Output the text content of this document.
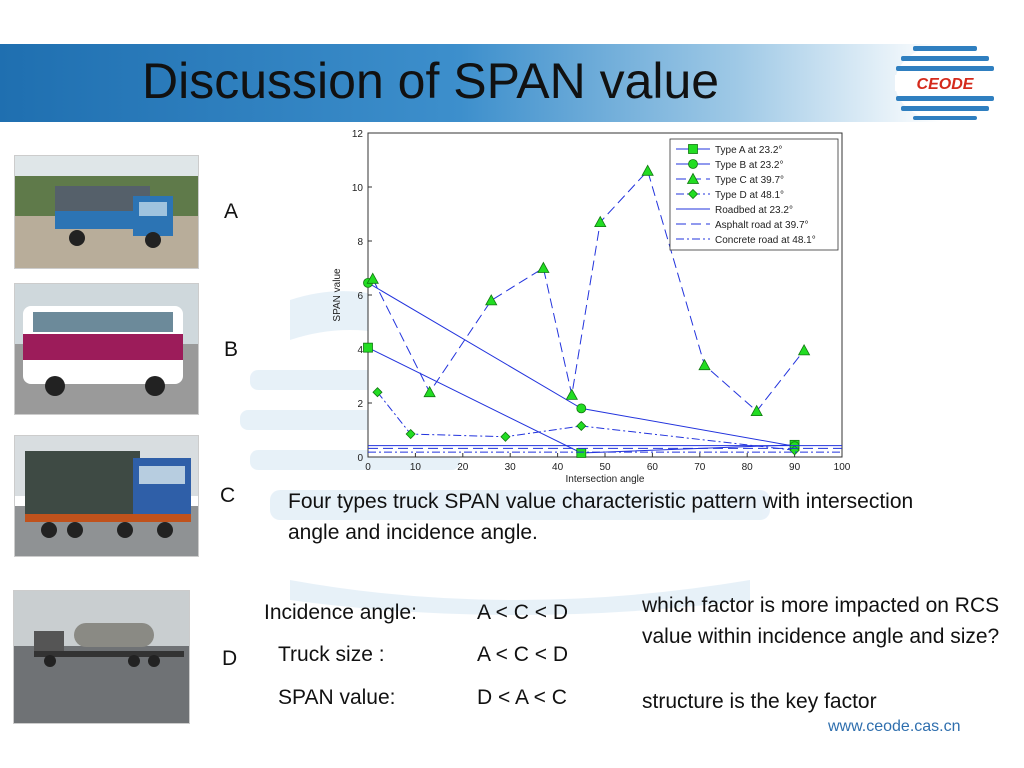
Discussion of SPAN value	CEODE
A
B
C
D
0	10	20	30	40	50	60	70	80	90	100
0
2
4
6
8
10
12
Intersection angle
SPAN value
Type A at 23.2°
Type B at 23.2°
Type C at 39.7°
Type D at 48.1°
Roadbed at 23.2°
Asphalt road at 39.7°
Concrete road at 48.1°
Four types truck SPAN value characteristic pattern with intersection angle and incidence angle.
Incidence angle:	A < C < D
Truck size :	A < C < D
SPAN value:	D < A < C
which factor is more impacted on RCS value within incidence angle and size?
structure is the key factor
www.ceode.cas.cn
